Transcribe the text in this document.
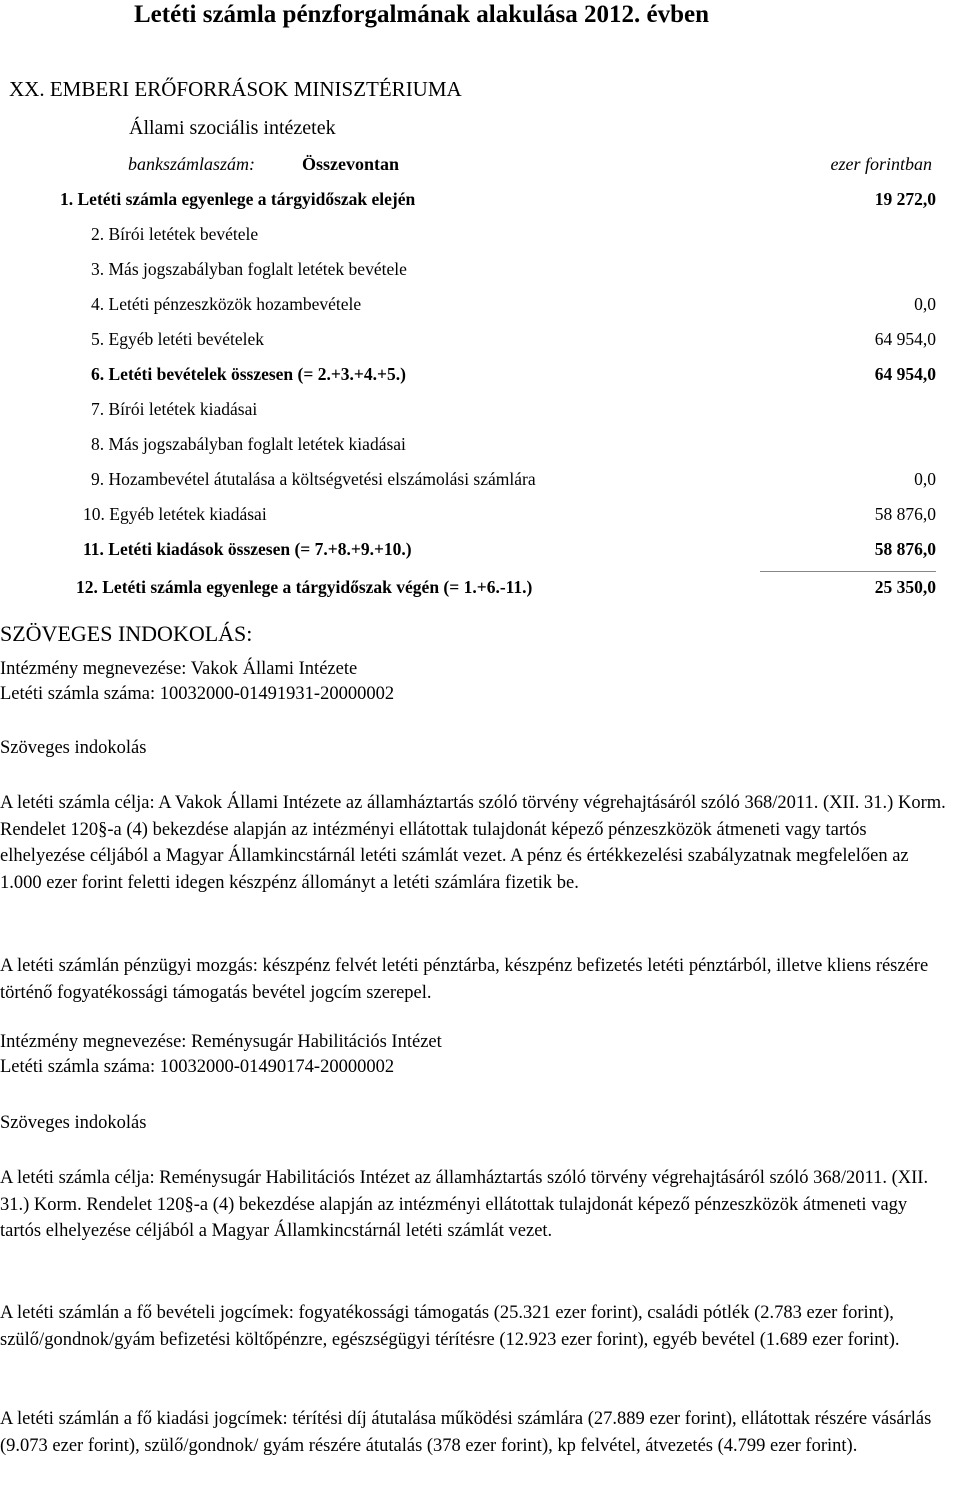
Letéti számla pénzforgalmának alakulása 2012. évben
XX. EMBERI ERŐFORRÁSOK MINISZTÉRIUMA
Állami szociális intézetek
bankszámlaszám:	Összevontan	ezer forintban
1. Letéti számla egyenlege a tárgyidőszak elején	19 272,0
2. Bírói letétek bevétele
3. Más jogszabályban foglalt letétek bevétele
4. Letéti pénzeszközök hozambevétele	0,0
5. Egyéb letéti bevételek	64 954,0
6. Letéti bevételek összesen (= 2.+3.+4.+5.)	64 954,0
7. Bírói letétek kiadásai
8. Más jogszabályban foglalt letétek kiadásai
9. Hozambevétel átutalása a költségvetési elszámolási számlára	0,0
10. Egyéb letétek kiadásai	58 876,0
11. Letéti kiadások összesen (= 7.+8.+9.+10.)	58 876,0
12. Letéti számla egyenlege a tárgyidőszak végén (= 1.+6.-11.)	25 350,0
SZÖVEGES INDOKOLÁS:
Intézmény megnevezése: Vakok Állami Intézete
Letéti számla száma: 10032000-01491931-20000002
Szöveges indokolás
A letéti számla célja: A Vakok Állami Intézete az államháztartás szóló törvény végrehajtásáról szóló 368/2011. (XII. 31.) Korm. Rendelet 120§-a (4) bekezdése alapján az intézményi ellátottak tulajdonát képező pénzeszközök átmeneti vagy tartós elhelyezése céljából a Magyar Államkincstárnál letéti számlát vezet. A pénz és értékkezelési szabályzatnak megfelelően az 1.000 ezer forint feletti idegen készpénz állományt a letéti számlára fizetik be.
A letéti számlán pénzügyi mozgás: készpénz felvét letéti pénztárba, készpénz befizetés letéti pénztárból, illetve kliens részére történő fogyatékossági támogatás bevétel jogcím szerepel.
Intézmény megnevezése: Reménysugár Habilitációs Intézet
Letéti számla száma: 10032000-01490174-20000002
Szöveges indokolás
A letéti számla célja: Reménysugár Habilitációs Intézet az államháztartás szóló törvény végrehajtásáról szóló 368/2011. (XII. 31.) Korm. Rendelet 120§-a (4) bekezdése alapján az intézményi ellátottak tulajdonát képező pénzeszközök átmeneti vagy tartós elhelyezése céljából a Magyar Államkincstárnál letéti számlát vezet.
A letéti számlán a fő bevételi jogcímek: fogyatékossági támogatás (25.321 ezer forint), családi pótlék (2.783 ezer forint), szülő/gondnok/gyám befizetési költőpénzre, egészségügyi térítésre (12.923 ezer forint), egyéb bevétel (1.689 ezer forint).
A letéti számlán a fő kiadási jogcímek: térítési díj átutalása működési számlára (27.889 ezer forint), ellátottak részére vásárlás (9.073 ezer forint), szülő/gondnok/ gyám részére átutalás (378 ezer forint), kp felvétel, átvezetés (4.799 ezer forint).
